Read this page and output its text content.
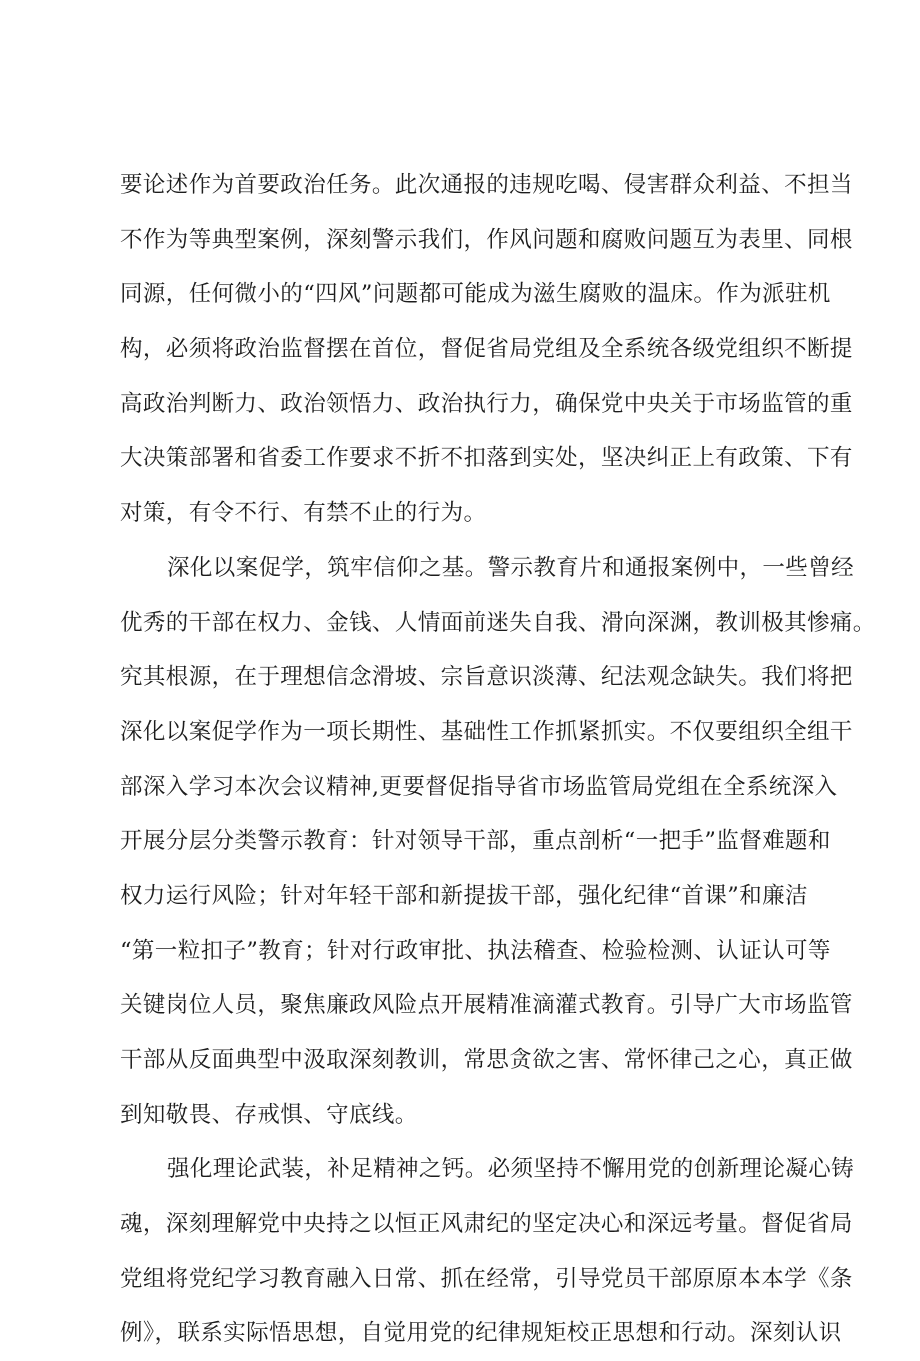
要论述作为首要政治任务。此次通报的违规吃喝、侵害群众利益、不担当
不作为等典型案例，深刻警示我们，作风问题和腐败问题互为表里、同根
同源，任何微小的“四风”问题都可能成为滋生腐败的温床。作为派驻机
构，必须将政治监督摆在首位，督促省局党组及全系统各级党组织不断提
高政治判断力、政治领悟力、政治执行力，确保党中央关于市场监管的重
大决策部署和省委工作要求不折不扣落到实处，坚决纠正上有政策、下有
对策，有令不行、有禁不止的行为。
深化以案促学，筑牢信仰之基。警示教育片和通报案例中，一些曾经
优秀的干部在权力、金钱、人情面前迷失自我、滑向深渊，教训极其惨痛。
究其根源，在于理想信念滑坡、宗旨意识淡薄、纪法观念缺失。我们将把
深化以案促学作为一项长期性、基础性工作抓紧抓实。不仅要组织全组干
部深入学习本次会议精神,更要督促指导省市场监管局党组在全系统深入
开展分层分类警示教育：针对领导干部，重点剖析“一把手”监督难题和
权力运行风险；针对年轻干部和新提拔干部，强化纪律“首课”和廉洁
“第一粒扣子”教育；针对行政审批、执法稽查、检验检测、认证认可等
关键岗位人员，聚焦廉政风险点开展精准滴灌式教育。引导广大市场监管
干部从反面典型中汲取深刻教训，常思贪欲之害、常怀律己之心，真正做
到知敬畏、存戒惧、守底线。
强化理论武装，补足精神之钙。必须坚持不懈用党的创新理论凝心铸
魂，深刻理解党中央持之以恒正风肃纪的坚定决心和深远考量。督促省局
党组将党纪学习教育融入日常、抓在经常，引导党员干部原原本本学《条
例》，联系实际悟思想，自觉用党的纪律规矩校正思想和行动。深刻认识
